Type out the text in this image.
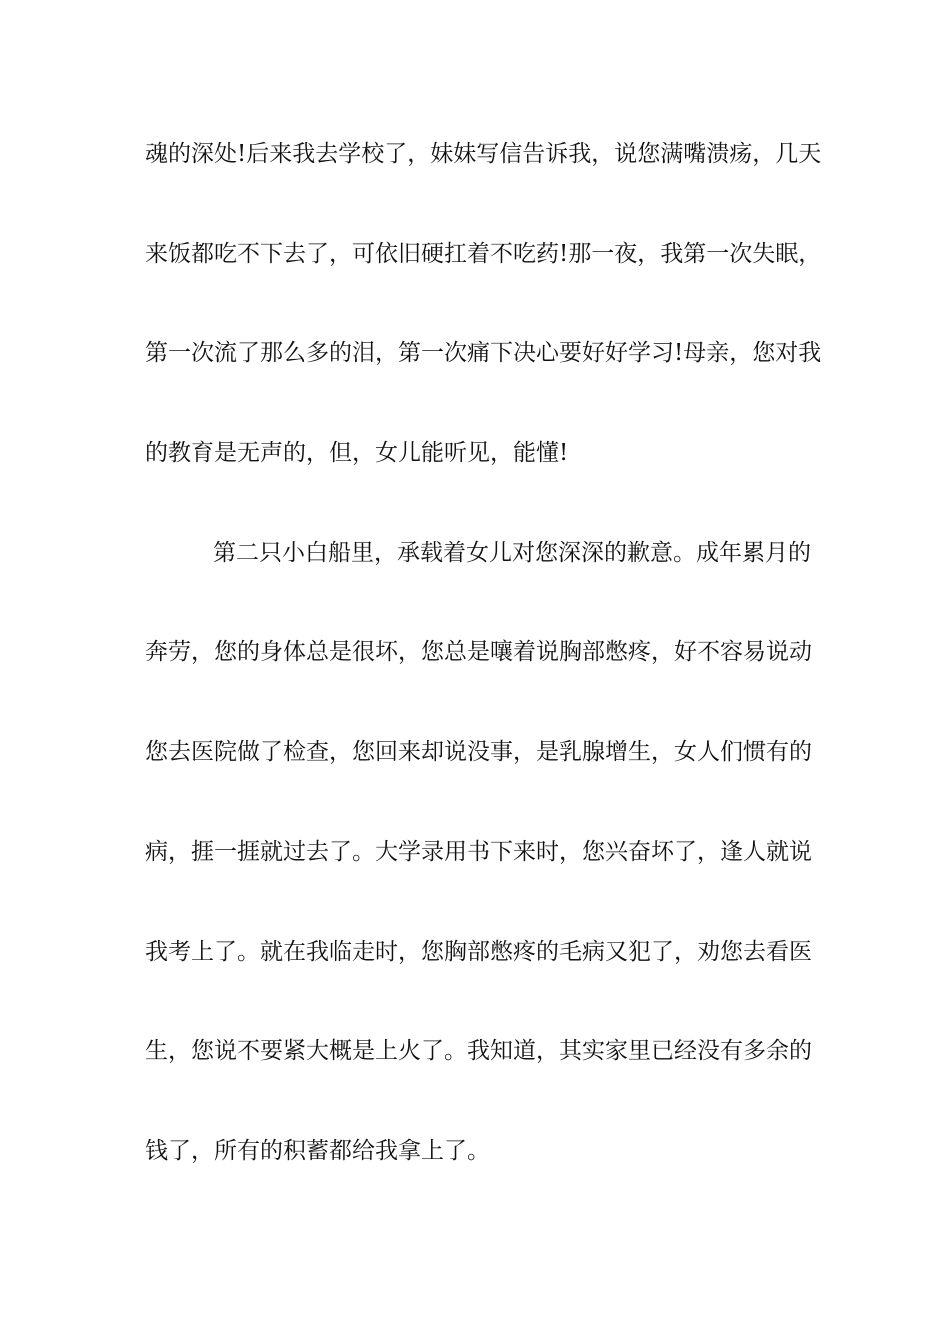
魂的深处!后来我去学校了，妹妹写信告诉我，说您满嘴溃疡，几天
来饭都吃不下去了，可依旧硬扛着不吃药!那一夜，我第一次失眠，
第一次流了那么多的泪，第一次痛下决心要好好学习!母亲，您对我
的教育是无声的，但，女儿能听见，能懂!
第二只小白船里，承载着女儿对您深深的歉意。成年累月的
奔劳，您的身体总是很坏，您总是嚷着说胸部憋疼，好不容易说动
您去医院做了检查，您回来却说没事，是乳腺增生，女人们惯有的
病，捱一捱就过去了。大学录用书下来时，您兴奋坏了，逢人就说
我考上了。就在我临走时，您胸部憋疼的毛病又犯了，劝您去看医
生，您说不要紧大概是上火了。我知道，其实家里已经没有多余的
钱了，所有的积蓄都给我拿上了。
